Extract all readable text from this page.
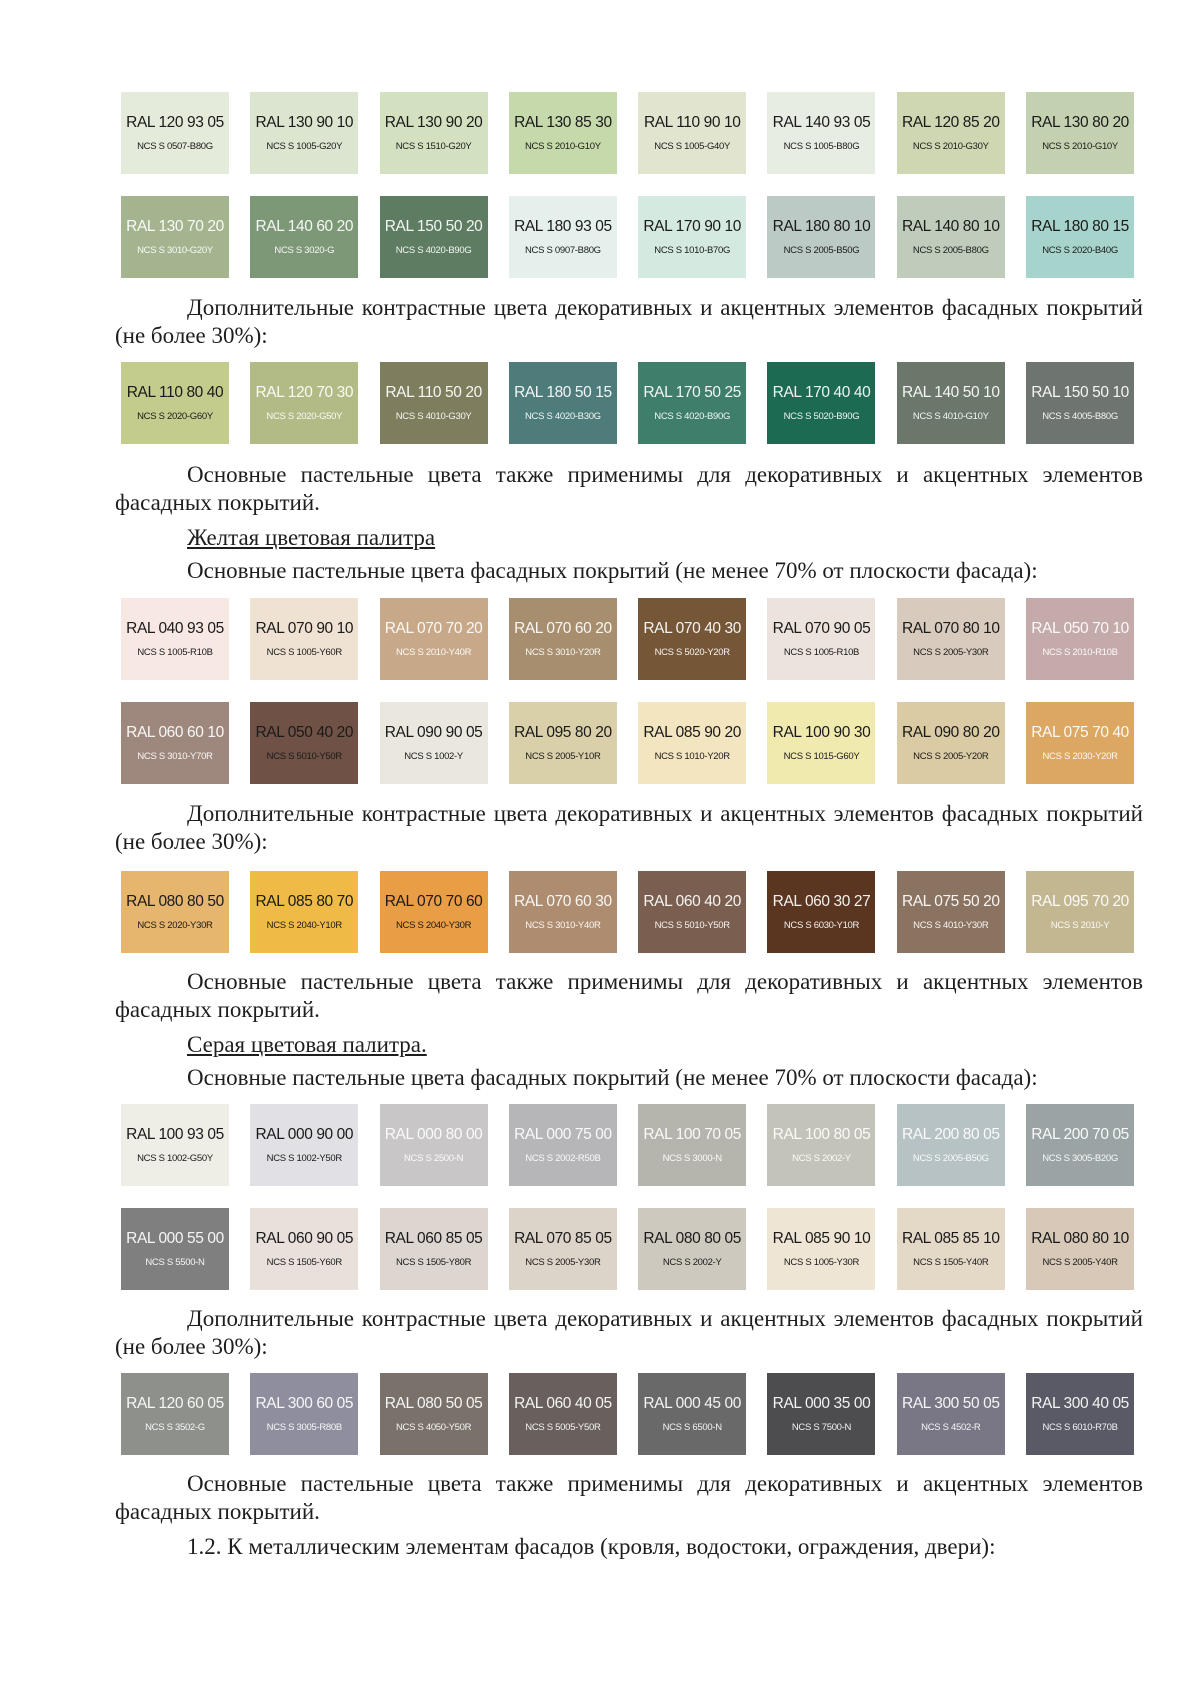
RAL 120 93 05
NCS S 0507-B80G
RAL 130 90 10
NCS S 1005-G20Y
RAL 130 90 20
NCS S 1510-G20Y
RAL 130 85 30
NCS S 2010-G10Y
RAL 110 90 10
NCS S 1005-G40Y
RAL 140 93 05
NCS S 1005-B80G
RAL 120 85 20
NCS S 2010-G30Y
RAL 130 80 20
NCS S 2010-G10Y
RAL 130 70 20
NCS S 3010-G20Y
RAL 140 60 20
NCS S 3020-G
RAL 150 50 20
NCS S 4020-B90G
RAL 180 93 05
NCS S 0907-B80G
RAL 170 90 10
NCS S 1010-B70G
RAL 180 80 10
NCS S 2005-B50G
RAL 140 80 10
NCS S 2005-B80G
RAL 180 80 15
NCS S 2020-B40G

Дополнительные контрастные цвета декоративных и акцентных элементов фасадных покрытий (не более 30%):

RAL 110 80 40
NCS S 2020-G60Y
RAL 120 70 30
NCS S 2020-G50Y
RAL 110 50 20
NCS S 4010-G30Y
RAL 180 50 15
NCS S 4020-B30G
RAL 170 50 25
NCS S 4020-B90G
RAL 170 40 40
NCS S 5020-B90G
RAL 140 50 10
NCS S 4010-G10Y
RAL 150 50 10
NCS S 4005-B80G

Основные пастельные цвета также применимы для декоративных и акцентных элементов фасадных покрытий.

Желтая цветовая палитра

Основные пастельные цвета фасадных покрытий (не менее 70% от плоскости фасада):

RAL 040 93 05
NCS S 1005-R10B
RAL 070 90 10
NCS S 1005-Y60R
RAL 070 70 20
NCS S 2010-Y40R
RAL 070 60 20
NCS S 3010-Y20R
RAL 070 40 30
NCS S 5020-Y20R
RAL 070 90 05
NCS S 1005-R10B
RAL 070 80 10
NCS S 2005-Y30R
RAL 050 70 10
NCS S 2010-R10B
RAL 060 60 10
NCS S 3010-Y70R
RAL 050 40 20
NCS S 5010-Y50R
RAL 090 90 05
NCS S 1002-Y
RAL 095 80 20
NCS S 2005-Y10R
RAL 085 90 20
NCS S 1010-Y20R
RAL 100 90 30
NCS S 1015-G60Y
RAL 090 80 20
NCS S 2005-Y20R
RAL 075 70 40
NCS S 2030-Y20R

Дополнительные контрастные цвета декоративных и акцентных элементов фасадных покрытий (не более 30%):

RAL 080 80 50
NCS S 2020-Y30R
RAL 085 80 70
NCS S 2040-Y10R
RAL 070 70 60
NCS S 2040-Y30R
RAL 070 60 30
NCS S 3010-Y40R
RAL 060 40 20
NCS S 5010-Y50R
RAL 060 30 27
NCS S 6030-Y10R
RAL 075 50 20
NCS S 4010-Y30R
RAL 095 70 20
NCS S 2010-Y

Основные пастельные цвета также применимы для декоративных и акцентных элементов фасадных покрытий.

Серая цветовая палитра.

Основные пастельные цвета фасадных покрытий (не менее 70% от плоскости фасада):

RAL 100 93 05
NCS S 1002-G50Y
RAL 000 90 00
NCS S 1002-Y50R
RAL 000 80 00
NCS S 2500-N
RAL 000 75 00
NCS S 2002-R50B
RAL 100 70 05
NCS S 3000-N
RAL 100 80 05
NCS S 2002-Y
RAL 200 80 05
NCS S 2005-B50G
RAL 200 70 05
NCS S 3005-B20G
RAL 000 55 00
NCS S 5500-N
RAL 060 90 05
NCS S 1505-Y60R
RAL 060 85 05
NCS S 1505-Y80R
RAL 070 85 05
NCS S 2005-Y30R
RAL 080 80 05
NCS S 2002-Y
RAL 085 90 10
NCS S 1005-Y30R
RAL 085 85 10
NCS S 1505-Y40R
RAL 080 80 10
NCS S 2005-Y40R

Дополнительные контрастные цвета декоративных и акцентных элементов фасадных покрытий (не более 30%):

RAL 120 60 05
NCS S 3502-G
RAL 300 60 05
NCS S 3005-R80B
RAL 080 50 05
NCS S 4050-Y50R
RAL 060 40 05
NCS S 5005-Y50R
RAL 000 45 00
NCS S 6500-N
RAL 000 35 00
NCS S 7500-N
RAL 300 50 05
NCS S 4502-R
RAL 300 40 05
NCS S 6010-R70B

Основные пастельные цвета также применимы для декоративных и акцентных элементов фасадных покрытий.

1.2. К металлическим элементам фасадов (кровля, водостоки, ограждения, двери):
